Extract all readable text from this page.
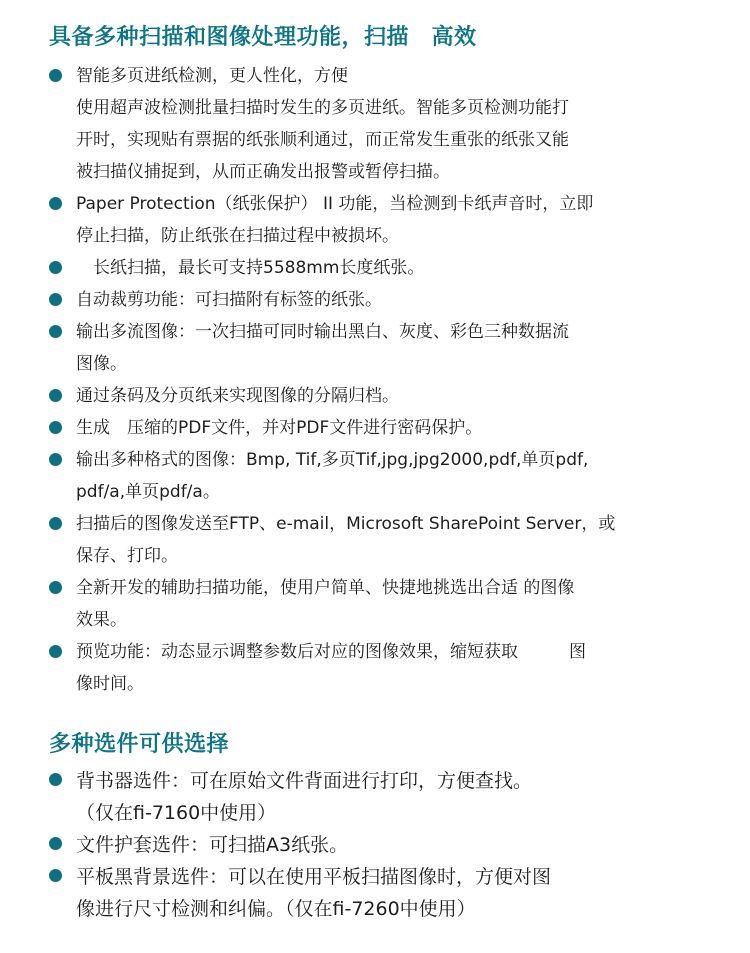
具备多种扫描和图像处理功能，扫描　高效
智能多页进纸检测，更人性化，方便
使用超声波检测批量扫描时发生的多页进纸。智能多页检测功能打
开时，实现贴有票据的纸张顺利通过，而正常发生重张的纸张又能
被扫描仪捕捉到，从而正确发出报警或暂停扫描。
Paper Protection（纸张保护） II 功能，当检测到卡纸声音时，立即
停止扫描，防止纸张在扫描过程中被损坏。
　长纸扫描，最长可支持5588mm长度纸张。
自动裁剪功能：可扫描附有标签的纸张。
输出多流图像：一次扫描可同时输出黑白、灰度、彩色三种数据流
图像。
通过条码及分页纸来实现图像的分隔归档。
生成　压缩的PDF文件，并对PDF文件进行密码保护。
输出多种格式的图像：Bmp, Tif,多页Tif,jpg,jpg2000,pdf,单页pdf,
pdf/a,单页pdf/a。
扫描后的图像发送至FTP、e-mail，Microsoft SharePoint Server，或
保存、打印。
全新开发的辅助扫描功能，使用户简单、快捷地挑选出合适 的图像
效果。
预览功能：动态显示调整参数后对应的图像效果，缩短获取　　　图
像时间。
多种选件可供选择
背书器选件：可在原始文件背面进行打印，方便查找。
（仅在fi-7160中使用）
文件护套选件：可扫描A3纸张。
平板黑背景选件：可以在使用平板扫描图像时，方便对图
像进行尺寸检测和纠偏。（仅在fi-7260中使用）
